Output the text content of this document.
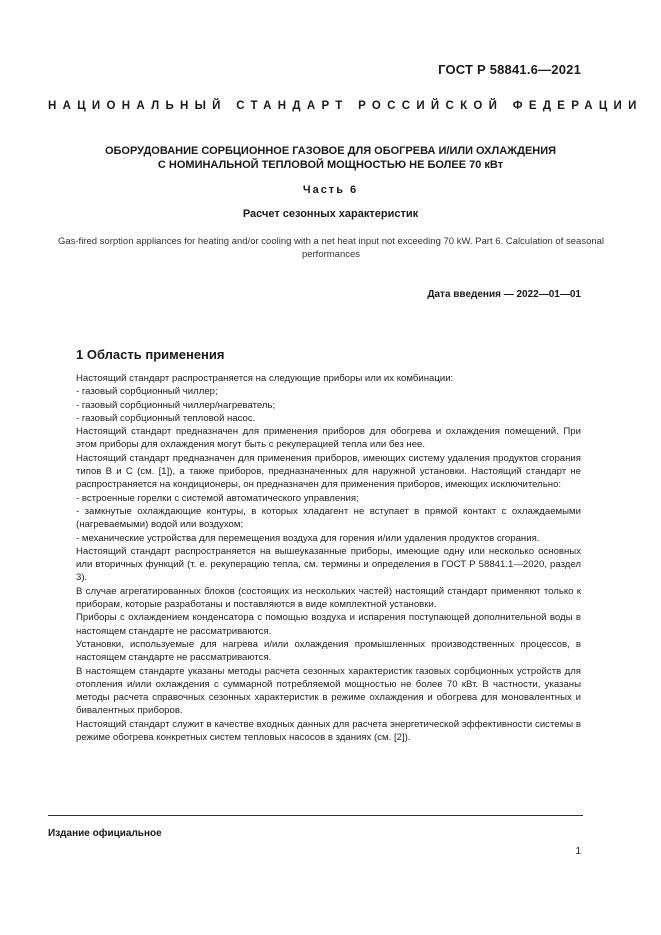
ГОСТ Р 58841.6—2021
НАЦИОНАЛЬНЫЙ СТАНДАРТ РОССИЙСКОЙ ФЕДЕРАЦИИ
ОБОРУДОВАНИЕ СОРБЦИОННОЕ ГАЗОВОЕ ДЛЯ ОБОГРЕВА И/ИЛИ ОХЛАЖДЕНИЯ
С НОМИНАЛЬНОЙ ТЕПЛОВОЙ МОЩНОСТЬЮ НЕ БОЛЕЕ 70 кВт
Часть 6
Расчет сезонных характеристик
Gas-fired sorption appliances for heating and/or cooling with a net heat input not exceeding 70 kW. Part 6. Calculation of seasonal performances
Дата введения — 2022—01—01
1 Область применения

Настоящий стандарт распространяется на следующие приборы или их комбинации:

- газовый сорбционный чиллер;

- газовый сорбционный чиллер/нагреватель;

- газовый сорбционный тепловой насос.

Настоящий стандарт предназначен для применения приборов для обогрева и охлаждения помещений. При этом приборы для охлаждения могут быть с рекуперацией тепла или без нее.

Настоящий стандарт предназначен для применения приборов, имеющих систему удаления продуктов сгорания типов B и C (см. [1]), а также приборов, предназначенных для наружной установки. Настоящий стандарт не распространяется на кондиционеры, он предназначен для применения приборов, имеющих исключительно:

- встроенные горелки с системой автоматического управления;

- замкнутые охлаждающие контуры, в которых хладагент не вступает в прямой контакт с охлаждаемыми (нагреваемыми) водой или воздухом;

- механические устройства для перемещения воздуха для горения и/или удаления продуктов сгорания.

Настоящий стандарт распространяется на вышеуказанные приборы, имеющие одну или несколько основных или вторичных функций (т. е. рекуперацию тепла, см. термины и определения в ГОСТ Р 58841.1—2020, раздел 3).

В случае агрегатированных блоков (состоящих из нескольких частей) настоящий стандарт применяют только к приборам, которые разработаны и поставляются в виде комплектной установки.

Приборы с охлаждением конденсатора с помощью воздуха и испарения поступающей дополнительной воды в настоящем стандарте не рассматриваются.

Установки, используемые для нагрева и/или охлаждения промышленных производственных процессов, в настоящем стандарте не рассматриваются.

В настоящем стандарте указаны методы расчета сезонных характеристик газовых сорбционных устройств для отопления и/или охлаждения с суммарной потребляемой мощностью не более 70 кВт. В частности, указаны методы расчета справочных сезонных характеристик в режиме охлаждения и обогрева для моновалентных и бивалентных приборов.

Настоящий стандарт служит в качестве входных данных для расчета энергетической эффективности системы в режиме обогрева конкретных систем тепловых насосов в зданиях (см. [2]).

Издание официальное
1
